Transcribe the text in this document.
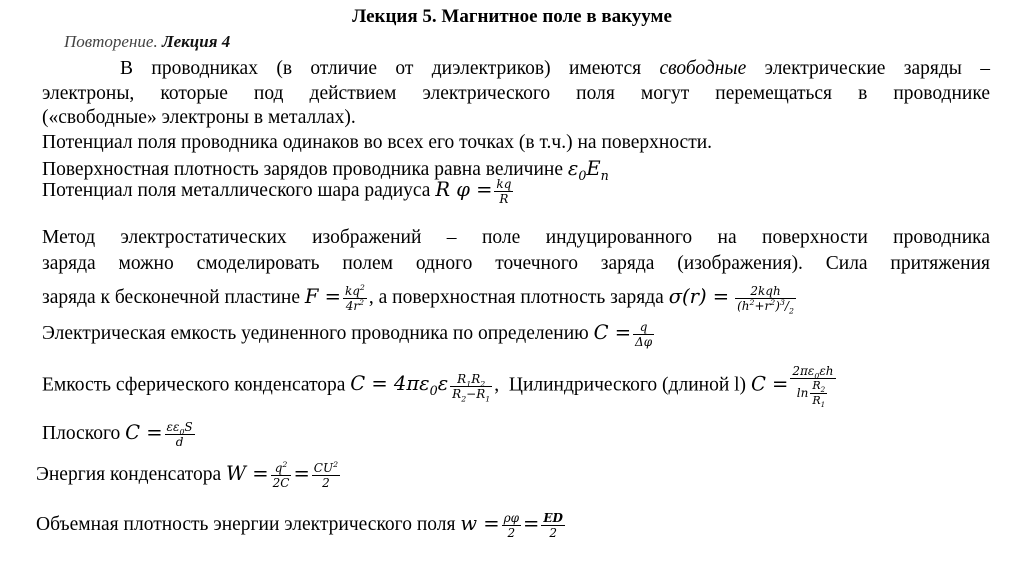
Лекция 5. Магнитное поле в вакууме
Повторение. Лекция 4
В проводниках (в отличие от диэлектриков) имеются свободные электрические заряды –
электроны, которые под действием электрического поля могут перемещаться в проводнике
(«свободные» электроны в металлах).
Потенциал поля проводника одинаков во всех его точках (в т.ч.) на поверхности.
Поверхностная плотность зарядов проводника равна величине $\varepsilon_0E_n$
Потенциал поля металлического шара радиуса R $\varphi = \frac{kq}{R}$
Метод электростатических изображений – поле индуцированного на поверхности проводника
заряда можно смоделировать полем одного точечного заряда (изображения). Сила притяжения
заряда к бесконечной пластине $F = \frac{kq^2}{4r^2}$ , а поверхностная плотность заряда $\sigma(r) = \frac{\text{2kqh}}{(h^2+r^2)^3/_2}$
Электрическая емкость уединенного проводника по определению $C = \frac{q}{\Delta\varphi}$
Емкость сферического конденсатора $C = 4\pi\varepsilon_0\varepsilon \frac{R_1R_2}{R_2-R_1}$ ,  Цилиндрического (длиной l) $C = \frac{2\pi\varepsilon_0\varepsilon h}{\ln \frac{R_2}{R_1}}$
Плоского $C = \frac{\varepsilon\varepsilon_0S}{d}$
Энергия конденсатора $W = \frac{q^2}{2C} = \frac{CU^2}{2}$
Объемная плотность энергии электрического поля $w = \frac{\rho\varphi}{2} = \frac{ED}{2}$
